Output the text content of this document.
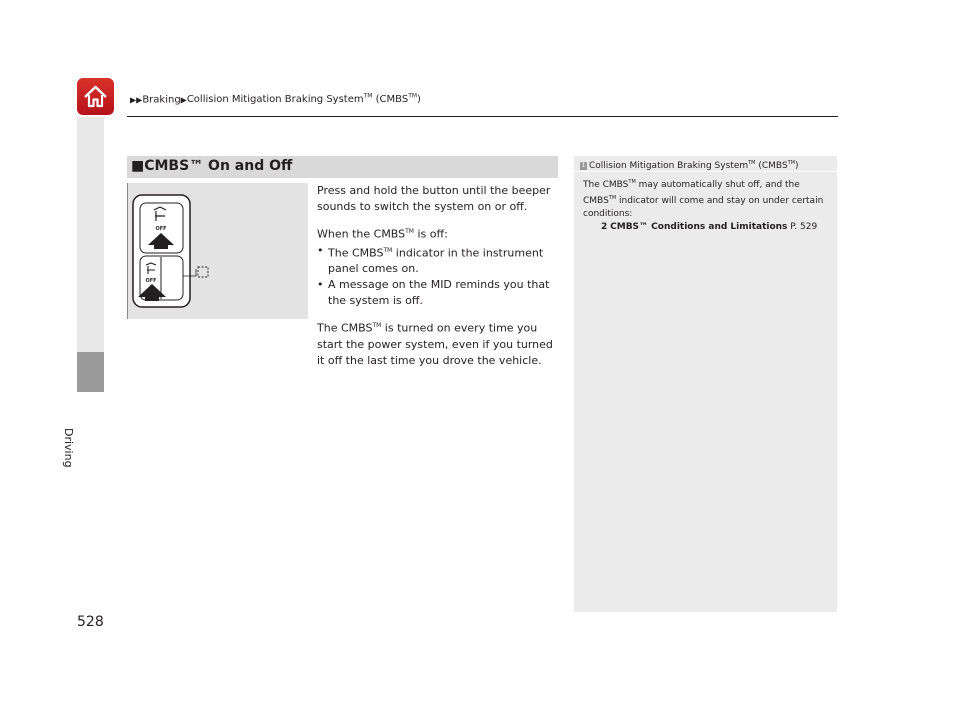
▶▶Braking▶Collision Mitigation Braking System™ (CMBS™)
Driving
■CMBS™ On and Off
OFF
OFF

Press and hold the button until the beeper sounds to switch the system on or off.

When the CMBS™ is off:

• The CMBS™ indicator in the instrument panel comes on.
• A message on the MID reminds you that the system is off.

The CMBS™ is turned on every time you start the power system, even if you turned it off the last time you drove the vehicle.

1 Collision Mitigation Braking System™ (CMBS™)

The CMBS™ may automatically shut off, and the CMBS™ indicator will come and stay on under certain conditions:

2 CMBS™ Conditions and Limitations P. 529

528
